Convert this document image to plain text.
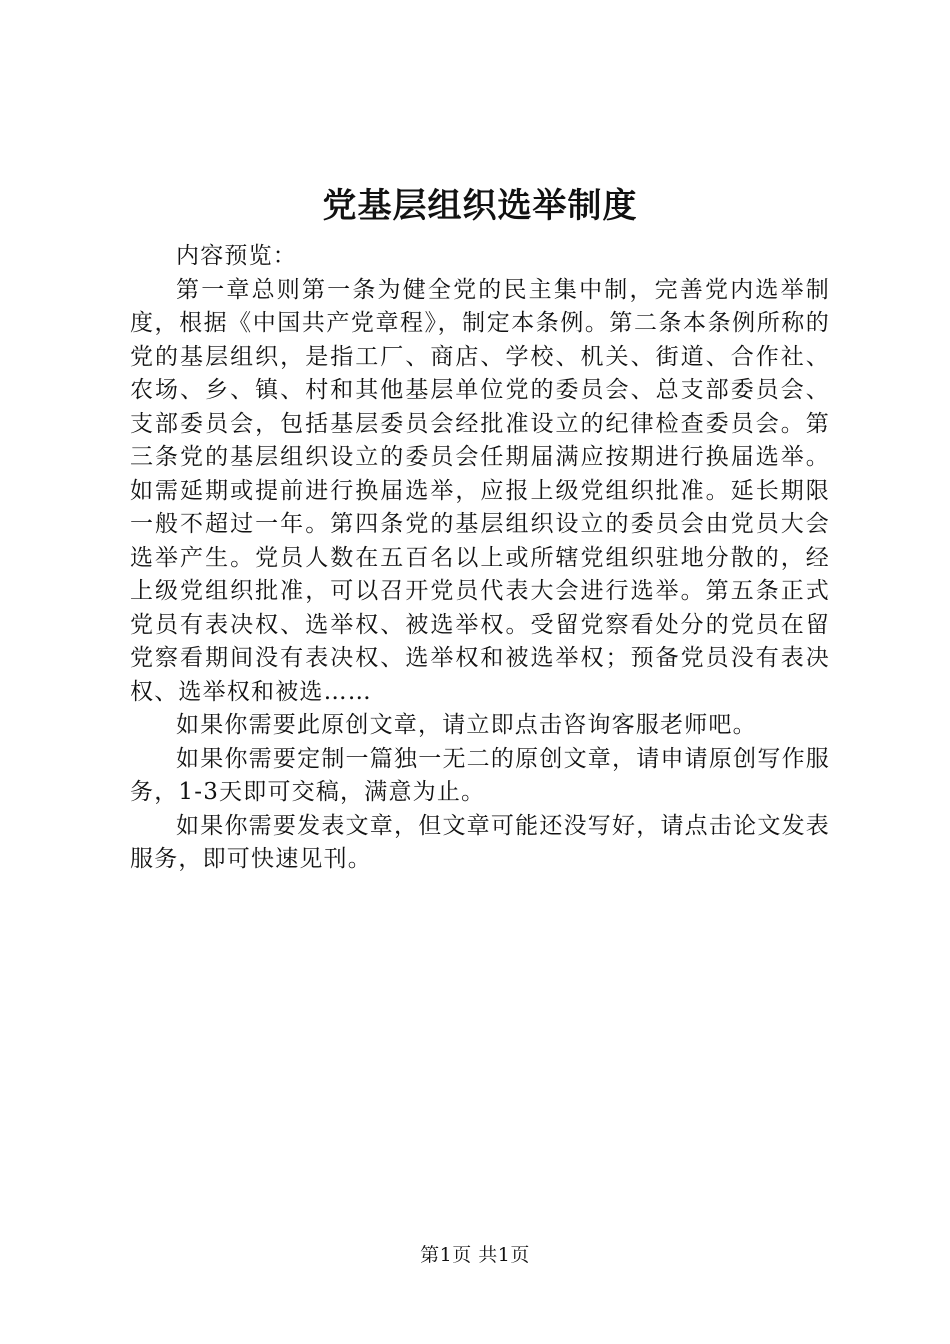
党基层组织选举制度

内容预览：

第一章总则第一条为健全党的民主集中制，完善党内选举制度，根据《中国共产党章程》，制定本条例。第二条本条例所称的党的基层组织，是指工厂、商店、学校、机关、街道、合作社、农场、乡、镇、村和其他基层单位党的委员会、总支部委员会、支部委员会，包括基层委员会经批准设立的纪律检查委员会。第三条党的基层组织设立的委员会任期届满应按期进行换届选举。如需延期或提前进行换届选举，应报上级党组织批准。延长期限一般不超过一年。第四条党的基层组织设立的委员会由党员大会选举产生。党员人数在五百名以上或所辖党组织驻地分散的，经上级党组织批准，可以召开党员代表大会进行选举。第五条正式党员有表决权、选举权、被选举权。受留党察看处分的党员在留党察看期间没有表决权、选举权和被选举权；预备党员没有表决权、选举权和被选……

如果你需要此原创文章，请立即点击咨询客服老师吧。

如果你需要定制一篇独一无二的原创文章，请申请原创写作服务，1-3天即可交稿，满意为止。

如果你需要发表文章，但文章可能还没写好，请点击论文发表服务，即可快速见刊。

第1页 共1页
